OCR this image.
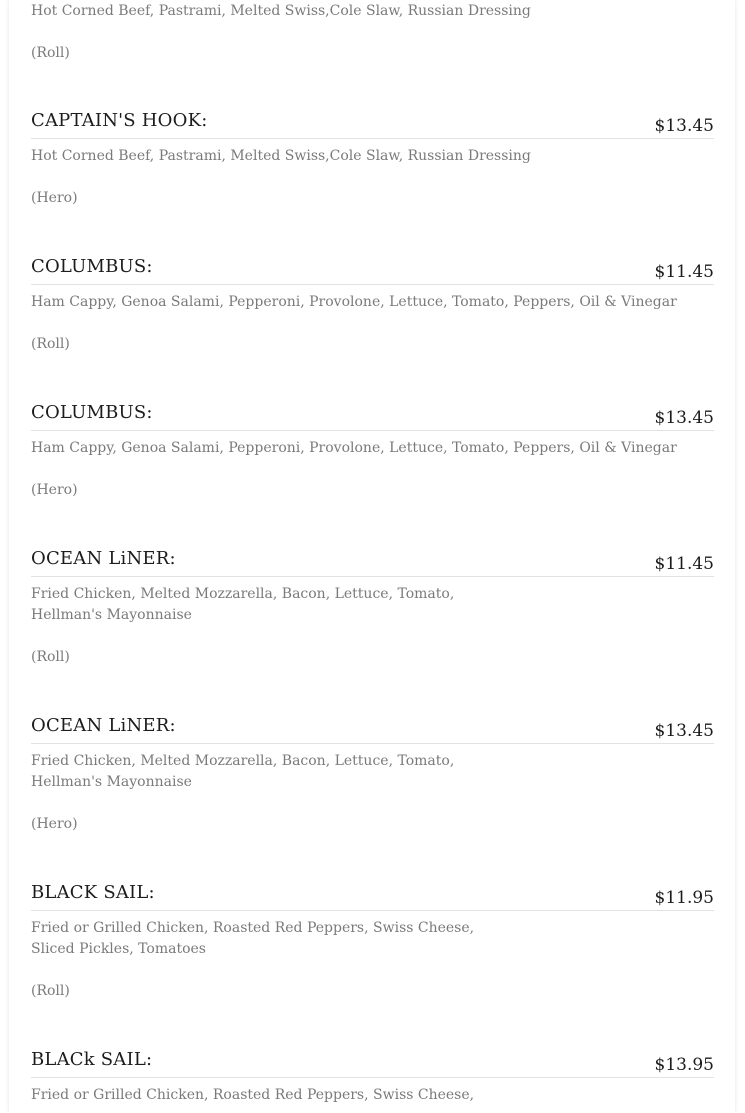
Hot Corned Beef, Pastrami, Melted Swiss,Cole Slaw, Russian Dressing
(Roll)
CAPTAIN'S HOOK:	$13.45
Hot Corned Beef, Pastrami, Melted Swiss,Cole Slaw, Russian Dressing
(Hero)
COLUMBUS:	$11.45
Ham Cappy, Genoa Salami, Pepperoni, Provolone, Lettuce, Tomato, Peppers, Oil & Vinegar
(Roll)
COLUMBUS:	$13.45
Ham Cappy, Genoa Salami, Pepperoni, Provolone, Lettuce, Tomato, Peppers, Oil & Vinegar
(Hero)
OCEAN LiNER:	$11.45
Fried Chicken, Melted Mozzarella, Bacon, Lettuce, Tomato,
Hellman's Mayonnaise
(Roll)
OCEAN LiNER:	$13.45
Fried Chicken, Melted Mozzarella, Bacon, Lettuce, Tomato,
Hellman's Mayonnaise
(Hero)
BLACK SAIL:	$11.95
Fried or Grilled Chicken, Roasted Red Peppers, Swiss Cheese,
Sliced Pickles, Tomatoes
(Roll)
BLACk SAIL:	$13.95
Fried or Grilled Chicken, Roasted Red Peppers, Swiss Cheese,
